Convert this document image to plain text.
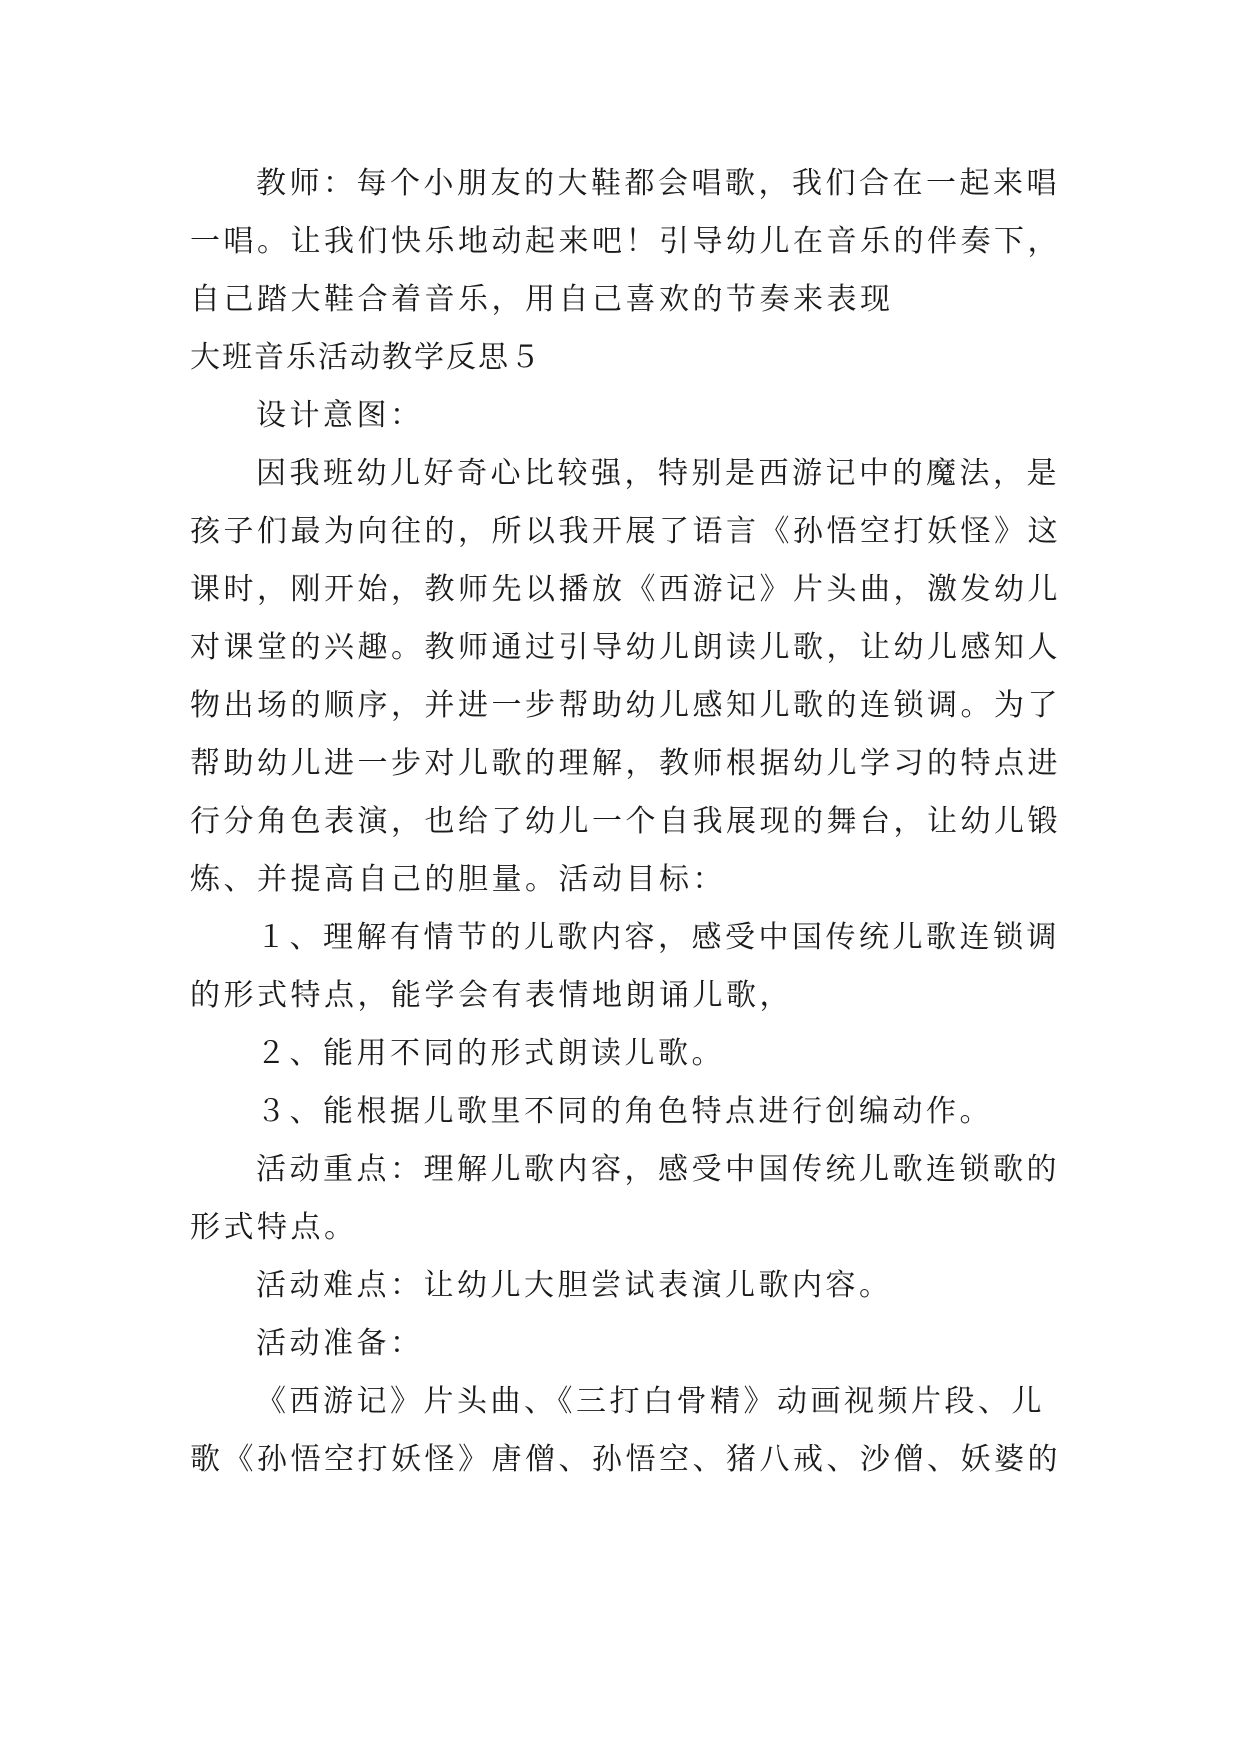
教师：每个小朋友的大鞋都会唱歌，我们合在一起来唱

一唱。让我们快乐地动起来吧！引导幼儿在音乐的伴奏下，

自己踏大鞋合着音乐，用自己喜欢的节奏来表现

大班音乐活动教学反思５

设计意图：

因我班幼儿好奇心比较强，特别是西游记中的魔法，是

孩子们最为向往的，所以我开展了语言《孙悟空打妖怪》这

课时，刚开始，教师先以播放《西游记》片头曲，激发幼儿

对课堂的兴趣。教师通过引导幼儿朗读儿歌，让幼儿感知人

物出场的顺序，并进一步帮助幼儿感知儿歌的连锁调。为了

帮助幼儿进一步对儿歌的理解，教师根据幼儿学习的特点进

行分角色表演，也给了幼儿一个自我展现的舞台，让幼儿锻

炼、并提高自己的胆量。活动目标：

１、理解有情节的儿歌内容，感受中国传统儿歌连锁调

的形式特点，能学会有表情地朗诵儿歌，

２、能用不同的形式朗读儿歌。

３、能根据儿歌里不同的角色特点进行创编动作。

活动重点：理解儿歌内容，感受中国传统儿歌连锁歌的

形式特点。

活动难点：让幼儿大胆尝试表演儿歌内容。

活动准备：

《西游记》片头曲、《三打白骨精》动画视频片段、儿

歌《孙悟空打妖怪》唐僧、孙悟空、猪八戒、沙僧、妖婆的
